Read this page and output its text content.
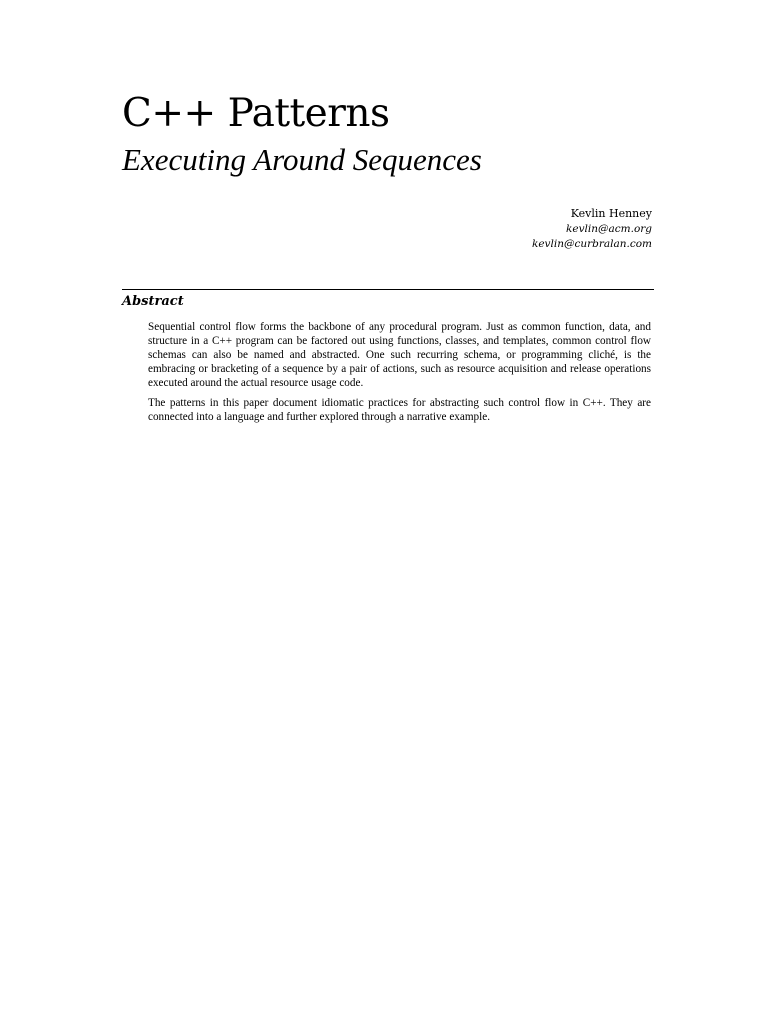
C++ Patterns
Executing Around Sequences
Kevlin Henney
kevlin@acm.org
kevlin@curbralan.com
Abstract

Sequential control flow forms the backbone of any procedural program. Just as common function, data, and structure in a C++ program can be factored out using functions, classes, and templates, common control flow schemas can also be named and abstracted. One such recurring schema, or programming cliché, is the embracing or bracketing of a sequence by a pair of actions, such as resource acquisition and release operations executed around the actual resource usage code.

The patterns in this paper document idiomatic practices for abstracting such control flow in C++. They are connected into a language and further explored through a narrative example.
